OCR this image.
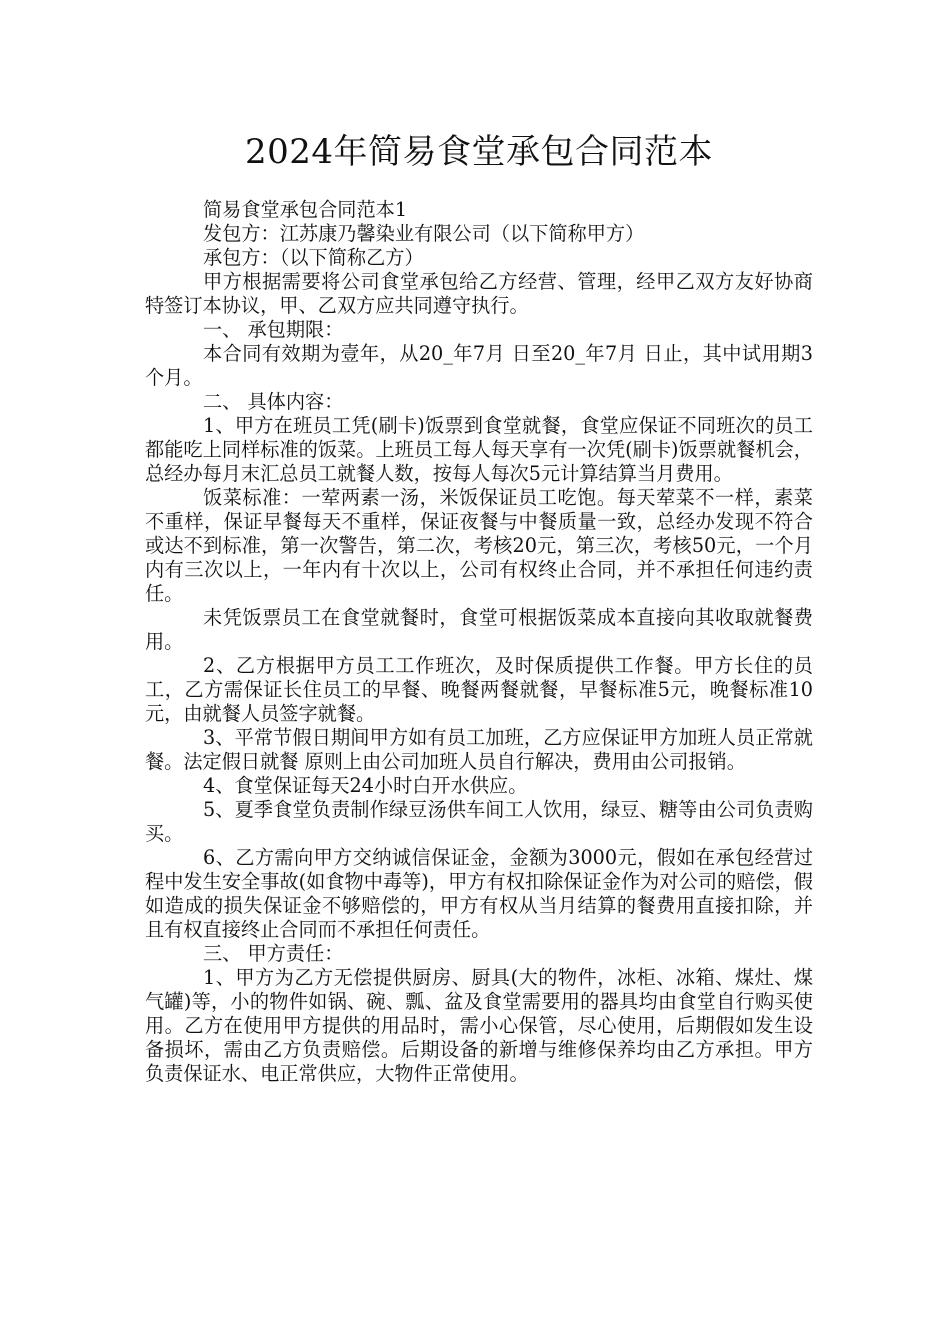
2024年简易食堂承包合同范本

简易食堂承包合同范本1

发包方：江苏康乃馨染业有限公司（以下简称甲方）

承包方：（以下简称乙方）

甲方根据需要将公司食堂承包给乙方经营、管理，经甲乙双方友好协商特签订本协议，甲、乙双方应共同遵守执行。

一、 承包期限：

本合同有效期为壹年，从20_年7月 日至20_年7月 日止，其中试用期3个月。

二、 具体内容：

1、甲方在班员工凭(刷卡)饭票到食堂就餐，食堂应保证不同班次的员工都能吃上同样标准的饭菜。上班员工每人每天享有一次凭(刷卡)饭票就餐机会，总经办每月末汇总员工就餐人数，按每人每次5元计算结算当月费用。

饭菜标准：一荤两素一汤，米饭保证员工吃饱。每天荤菜不一样，素菜不重样，保证早餐每天不重样，保证夜餐与中餐质量一致，总经办发现不符合或达不到标准，第一次警告，第二次，考核20元，第三次，考核50元，一个月内有三次以上，一年内有十次以上，公司有权终止合同，并不承担任何违约责任。

未凭饭票员工在食堂就餐时，食堂可根据饭菜成本直接向其收取就餐费用。

2、乙方根据甲方员工工作班次，及时保质提供工作餐。甲方长住的员工，乙方需保证长住员工的早餐、晚餐两餐就餐，早餐标准5元，晚餐标准10元，由就餐人员签字就餐。

3、平常节假日期间甲方如有员工加班，乙方应保证甲方加班人员正常就餐。法定假日就餐 原则上由公司加班人员自行解决，费用由公司报销。

4、食堂保证每天24小时白开水供应。

5、夏季食堂负责制作绿豆汤供车间工人饮用，绿豆、糖等由公司负责购买。

6、乙方需向甲方交纳诚信保证金，金额为3000元，假如在承包经营过程中发生安全事故(如食物中毒等)，甲方有权扣除保证金作为对公司的赔偿，假如造成的损失保证金不够赔偿的，甲方有权从当月结算的餐费用直接扣除，并且有权直接终止合同而不承担任何责任。

三、 甲方责任：

1、甲方为乙方无偿提供厨房、厨具(大的物件，冰柜、冰箱、煤灶、煤气罐)等，小的物件如锅、碗、瓢、盆及食堂需要用的器具均由食堂自行购买使用。乙方在使用甲方提供的用品时，需小心保管，尽心使用，后期假如发生设备损坏，需由乙方负责赔偿。后期设备的新增与维修保养均由乙方承担。甲方负责保证水、电正常供应，大物件正常使用。
